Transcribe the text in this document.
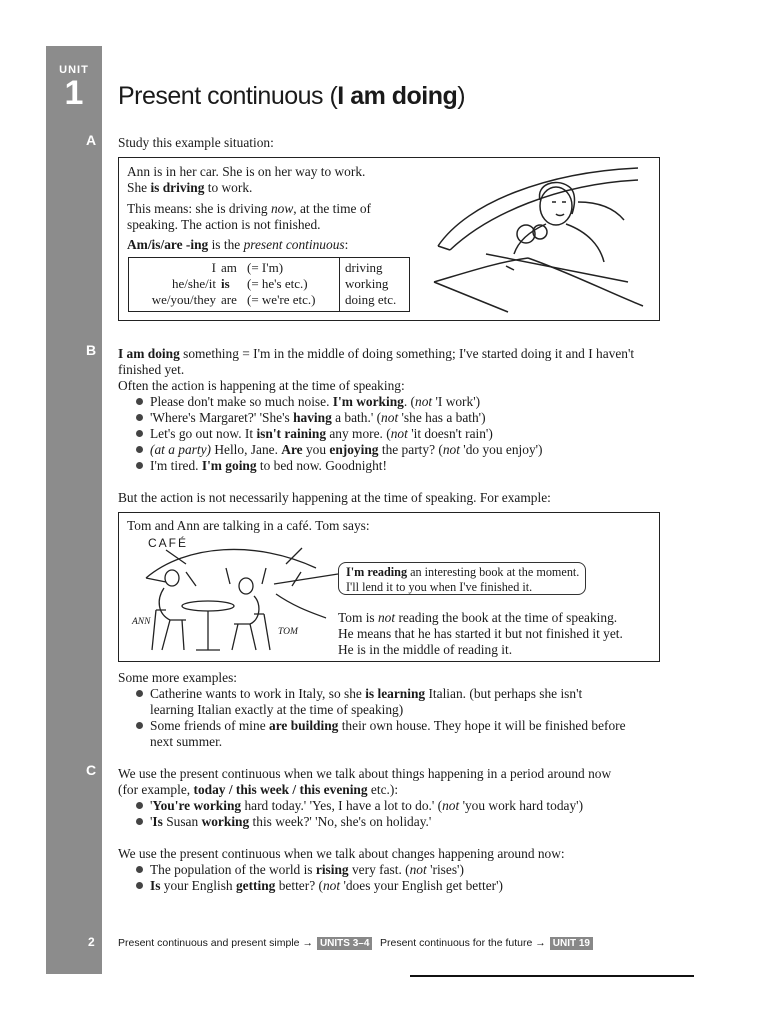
UNIT
1
A
B
C
2
Present continuous (I am doing)
Study this example situation:
Ann is in her car. She is on her way to work.
She is driving to work.
This means: she is driving now, at the time of
speaking. The action is not finished.
Am/is/are -ing is the present continuous:
I am (= I'm)
he/she/it is (= he's etc.)
we/you/they are (= we're etc.)
driving
working
doing etc.
I am doing something = I'm in the middle of doing something; I've started doing it and I haven't
finished yet.
Often the action is happening at the time of speaking:
Please don't make so much noise. I'm working. (not 'I work')
'Where's Margaret?' 'She's having a bath.' (not 'she has a bath')
Let's go out now. It isn't raining any more. (not 'it doesn't rain')
(at a party) Hello, Jane. Are you enjoying the party? (not 'do you enjoy')
I'm tired. I'm going to bed now. Goodnight!
But the action is not necessarily happening at the time of speaking. For example:
Tom and Ann are talking in a café. Tom says:
CAFÉ
ANN
TOM
I'm reading an interesting book at the moment.
I'll lend it to you when I've finished it.
Tom is not reading the book at the time of speaking.
He means that he has started it but not finished it yet.
He is in the middle of reading it.
Some more examples:
Catherine wants to work in Italy, so she is learning Italian. (but perhaps she isn't
learning Italian exactly at the time of speaking)
Some friends of mine are building their own house. They hope it will be finished before
next summer.
We use the present continuous when we talk about things happening in a period around now
(for example, today / this week / this evening etc.):
'You're working hard today.' 'Yes, I have a lot to do.' (not 'you work hard today')
'Is Susan working this week?' 'No, she's on holiday.'
We use the present continuous when we talk about changes happening around now:
The population of the world is rising very fast. (not 'rises')
Is your English getting better? (not 'does your English get better')
Present continuous and present simple → UNITS 3–4 Present continuous for the future → UNIT 19
